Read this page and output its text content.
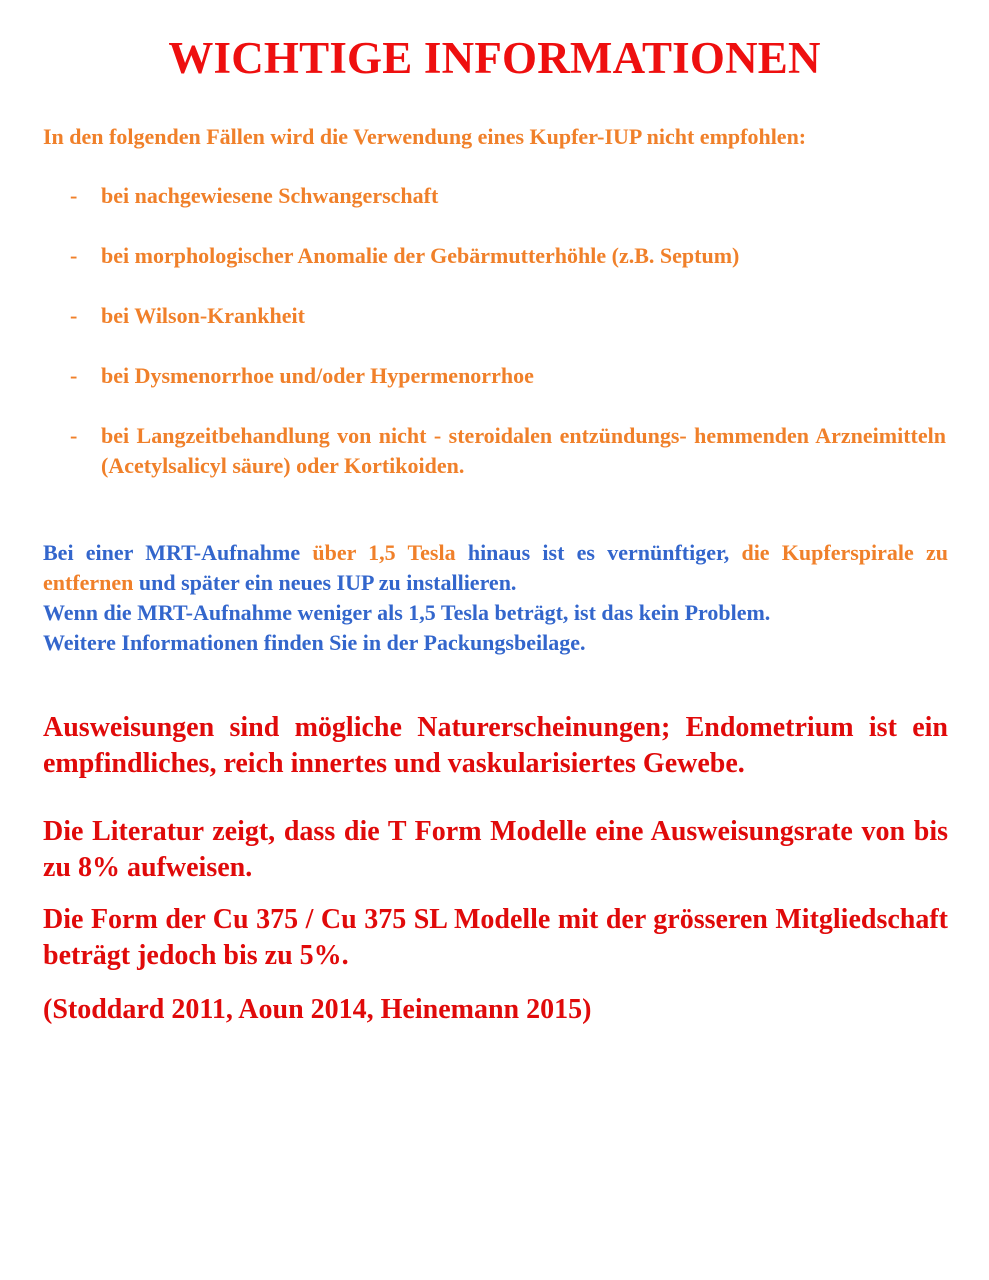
WICHTIGE INFORMATIONEN

In den folgenden Fällen wird die Verwendung eines Kupfer-IUP nicht empfohlen:

- bei nachgewiesene Schwangerschaft
- bei morphologischer Anomalie der Gebärmutterhöhle (z.B. Septum)
- bei Wilson-Krankheit
- bei Dysmenorrhoe und/oder Hypermenorrhoe
- bei Langzeitbehandlung von nicht - steroidalen entzündungs- hemmenden Arzneimitteln (Acetylsalicyl säure) oder Kortikoiden.

Bei einer MRT-Aufnahme über 1,5 Tesla hinaus ist es vernünftiger, die Kupferspirale zu entfernen und später ein neues IUP zu installieren.

Wenn die MRT-Aufnahme weniger als 1,5 Tesla beträgt, ist das kein Problem.

Weitere Informationen finden Sie in der Packungsbeilage.

Ausweisungen sind mögliche Naturerscheinungen; Endometrium ist ein empfindliches, reich innertes und vaskularisiertes Gewebe.

Die Literatur zeigt, dass die T Form Modelle eine Ausweisungsrate von bis zu 8% aufweisen.

Die Form der Cu 375 / Cu 375 SL Modelle mit der grösseren Mitgliedschaft beträgt jedoch bis zu 5%.

(Stoddard 2011, Aoun 2014, Heinemann 2015)
